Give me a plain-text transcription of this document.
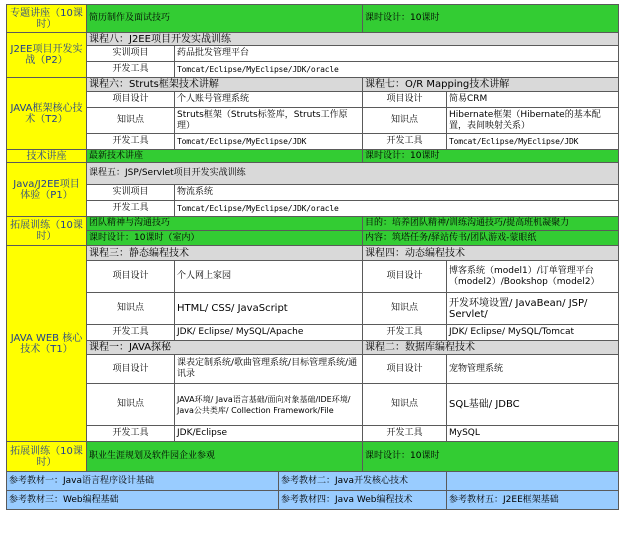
专题讲座（10课时）	简历制作及面试技巧			课时设计：10课时	
J2EE项目开发实战（P2）	课程八：J2EE项目开发实战训练				
	实训项目	药品批发管理平台			
	开发工具	Tomcat/Eclipse/MyEclipse/JDK/oracle			
JAVA框架核心技术（T2）	课程六：Struts框架技术讲解			课程七：O/R Mapping技术讲解	
	项目设计	个人账号管理系统		项目设计	简易CRM
	知识点	Struts框架（Struts标签库，Struts工作原理）		知识点	Hibernate框架（Hibernate的基本配置，表间映射关系）
	开发工具	Tomcat/Eclipse/MyEclipse/JDK		开发工具	Tomcat/Eclipse/MyEclipse/JDK
技术讲座	最新技术讲座			课时设计：10课时	
Java/J2EE项目体验（P1）	课程五：JSP/Servlet项目开发实战训练				
	实训项目	物流系统			
	开发工具	Tomcat/Eclipse/MyEclipse/JDK/oracle			
拓展训练（10课时）	团队精神与沟通技巧			目的：培养团队精神/训练沟通技巧/提高班机凝聚力	
	课时设计：10课时（室内）			内容：筑塔任务/驿站传书/团队游戏-蒙眼纸	
JAVA WEB 核心技术（T1）	课程三：静态编程技术			课程四：动态编程技术	
	项目设计	个人网上家园		项目设计	博客系统（model1）/订单管理平台（model2）/Bookshop（model2）
	知识点	HTML/ CSS/ JavaScript		知识点	开发环境设置/ JavaBean/ JSP/ Servlet/
	开发工具	JDK/ Eclipse/ MySQL/Apache		开发工具	JDK/ Eclipse/ MySQL/Tomcat
	课程一：JAVA探秘			课程二：数据库编程技术	
	项目设计	课表定制系统/歌曲管理系统/目标管理系统/通讯录		项目设计	宠物管理系统
	知识点	JAVA环境/ Java语言基础/面向对象基础/IDE环境/ Java公共类库/ Collection Framework/File		知识点	SQL基础/ JDBC
	开发工具	JDK/Eclipse		开发工具	MySQL
拓展训练（10课时）	职业生涯规划及软件园企业参观			课时设计：10课时	
参考教材一：Java语言程序设计基础			参考教材二：Java开发核心技术		
参考教材三：Web编程基础			参考教材四：Java Web编程技术		参考教材五：J2EE框架基础
